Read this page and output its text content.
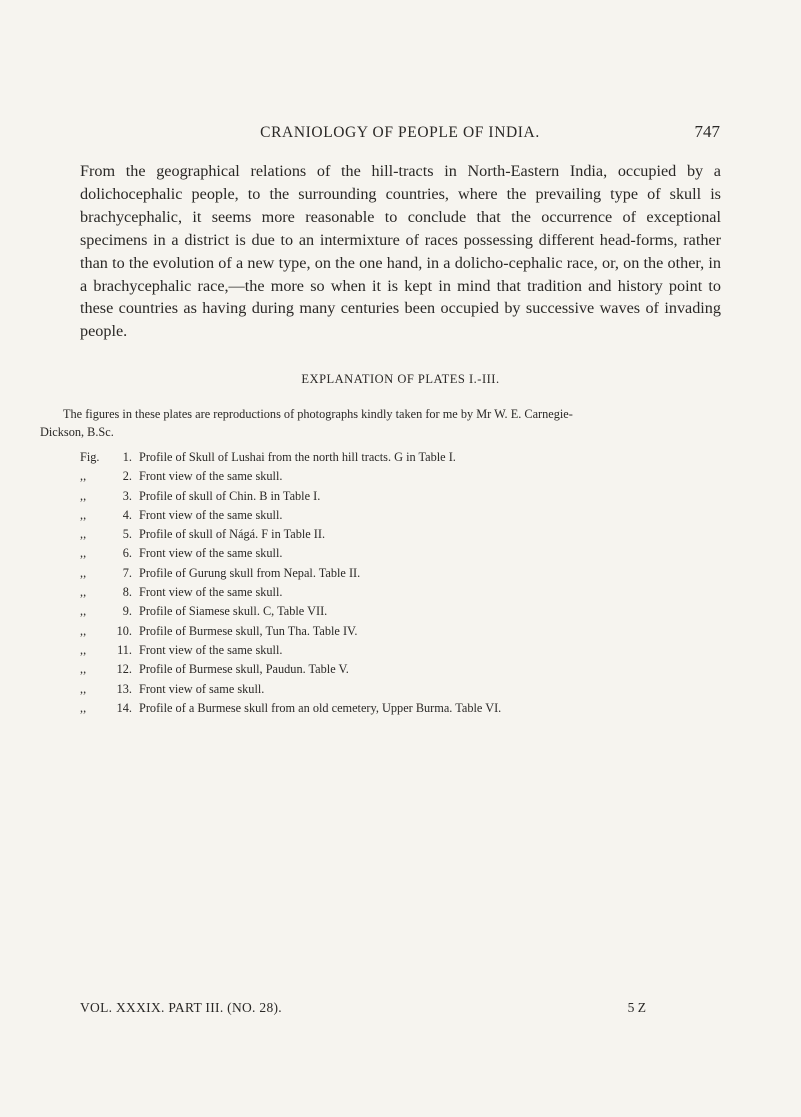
CRANIOLOGY OF PEOPLE OF INDIA.	747

From the geographical relations of the hill-tracts in North-Eastern India, occupied by a dolichocephalic people, to the surrounding countries, where the prevailing type of skull is brachycephalic, it seems more reasonable to conclude that the occurrence of exceptional specimens in a district is due to an intermixture of races possessing different head-forms, rather than to the evolution of a new type, on the one hand, in a dolicho-cephalic race, or, on the other, in a brachycephalic race,—the more so when it is kept in mind that tradition and history point to these countries as having during many centuries been occupied by successive waves of invading people.

EXPLANATION OF PLATES I.-III.

The figures in these plates are reproductions of photographs kindly taken for me by Mr W. E. Carnegie-
Dickson, B.Sc.

Fig.	1. Profile of Skull of Lushai from the north hill tracts. G in Table I.
,,	2. Front view of the same skull.
,,	3. Profile of skull of Chin. B in Table I.
,,	4. Front view of the same skull.
,,	5. Profile of skull of Nágá. F in Table II.
,,	6. Front view of the same skull.
,,	7. Profile of Gurung skull from Nepal. Table II.
,,	8. Front view of the same skull.
,,	9. Profile of Siamese skull. C, Table VII.
,,	10. Profile of Burmese skull, Tun Tha. Table IV.
,,	11. Front view of the same skull.
,,	12. Profile of Burmese skull, Paudun. Table V.
,,	13. Front view of same skull.
,,	14. Profile of a Burmese skull from an old cemetery, Upper Burma. Table VI.
VOL. XXXIX. PART III. (NO. 28).	5 Z
